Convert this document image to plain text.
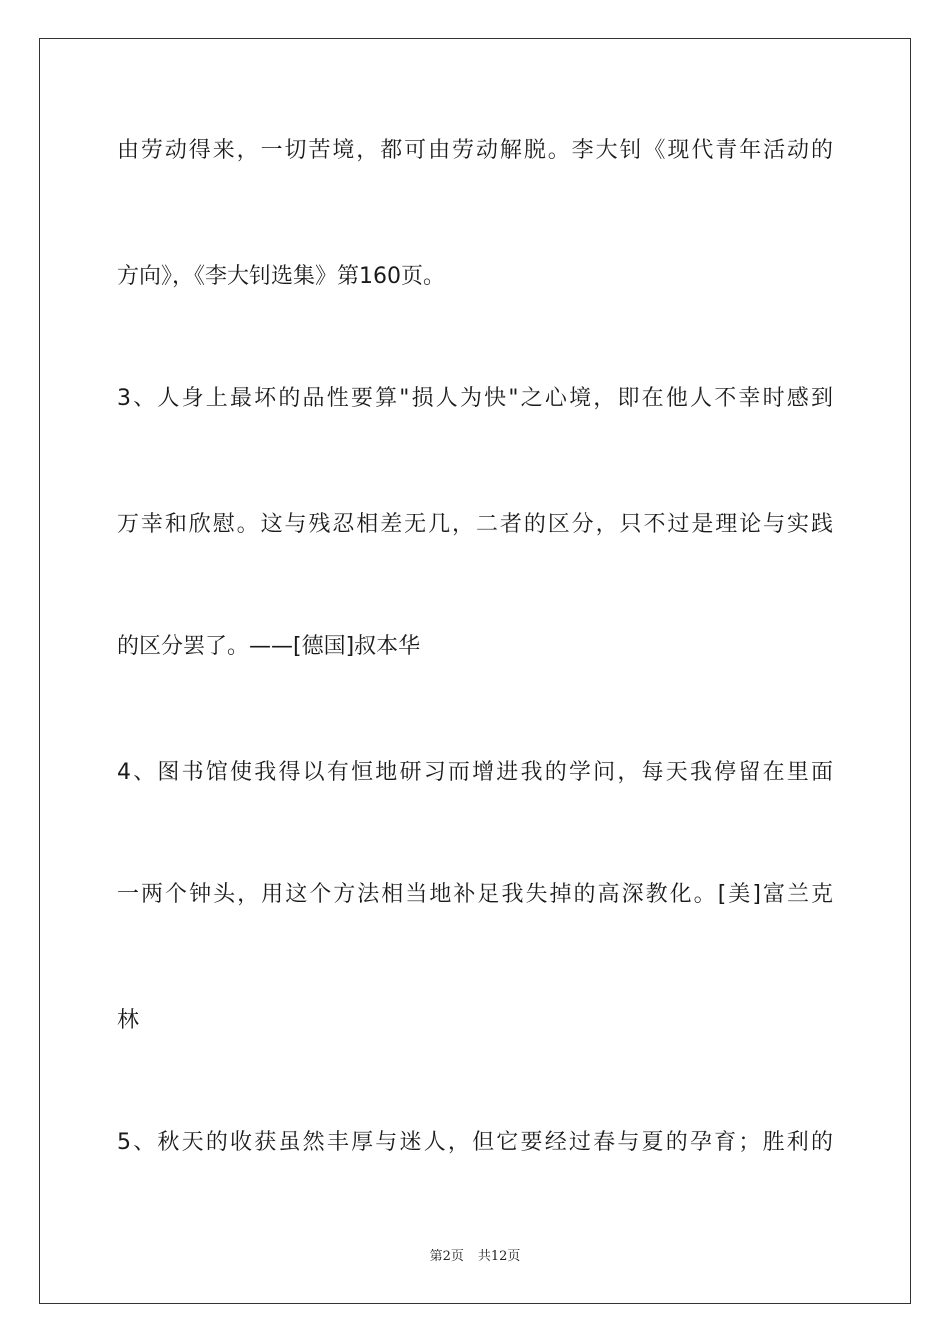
由劳动得来，一切苦境，都可由劳动解脱。李大钊《现代青年活动的
方向》，《李大钊选集》第160页。
3、人身上最坏的品性要算"损人为快"之心境，即在他人不幸时感到
万幸和欣慰。这与残忍相差无几，二者的区分，只不过是理论与实践
的区分罢了。——[德国]叔本华
4、图书馆使我得以有恒地研习而增进我的学问，每天我停留在里面
一两个钟头，用这个方法相当地补足我失掉的高深教化。[美]富兰克
林
5、秋天的收获虽然丰厚与迷人，但它要经过春与夏的孕育；胜利的
第2页 共12页
